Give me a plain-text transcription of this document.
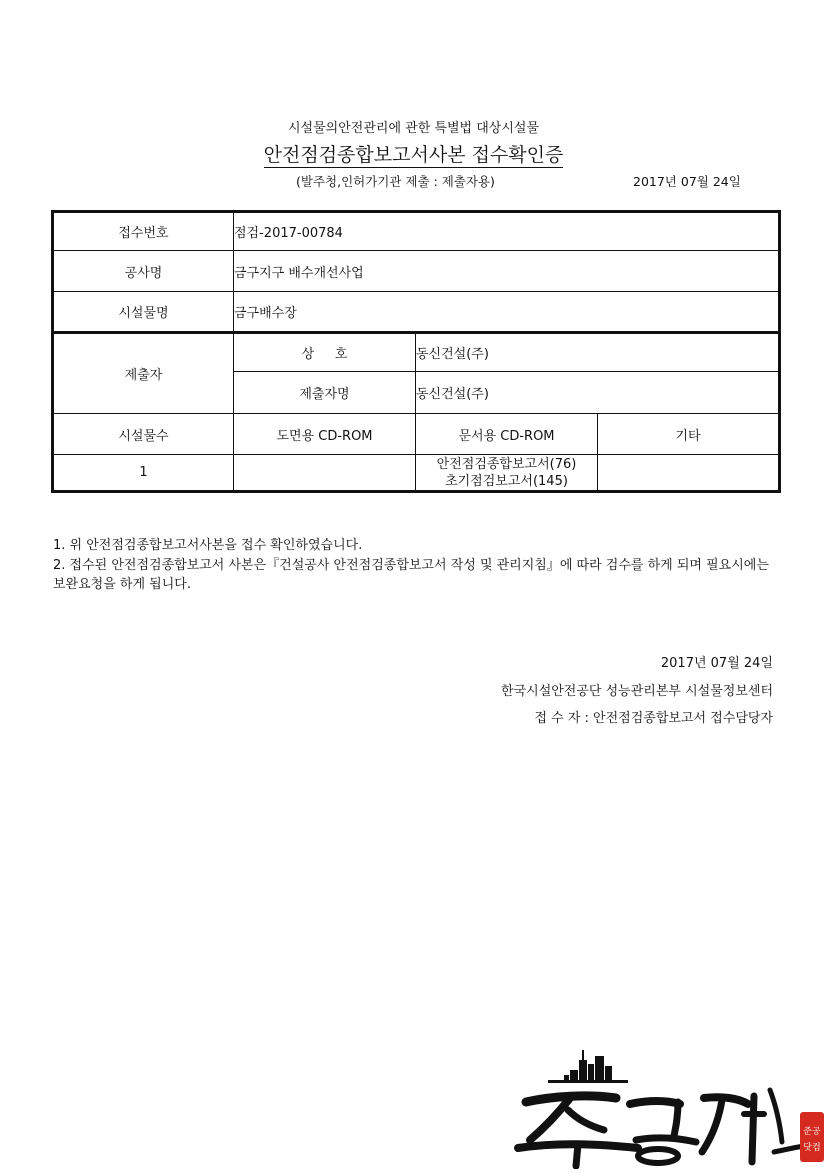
시설물의안전관리에 관한 특별법 대상시설물
안전점검종합보고서사본 접수확인증
(발주청,인허가기관 제출 : 제출자용)	2017년 07월 24일
접수번호	점검-2017-00784		
공사명	금구지구 배수개선사업		
시설물명	금구배수장		
제출자	상     호	동신건설(주)	
	제출자명	동신건설(주)	
시설물수	도면용 CD-ROM	문서용 CD-ROM	기타
1		안전점검종합보고서(76)
초기점검보고서(145)	

1. 위 안전점검종합보고서사본을 접수 확인하였습니다.
2. 접수된 안전점검종합보고서 사본은『건설공사 안전점검종합보고서 작성 및 관리지침』에 따라 검수를 하게 되며 필요시에는 보완요청을 하게 됩니다.
2017년 07월 24일
한국시설안전공단 성능관리본부 시설물정보센터
접 수 자 : 안전점검종합보고서 접수담당자
준공
닷컴
